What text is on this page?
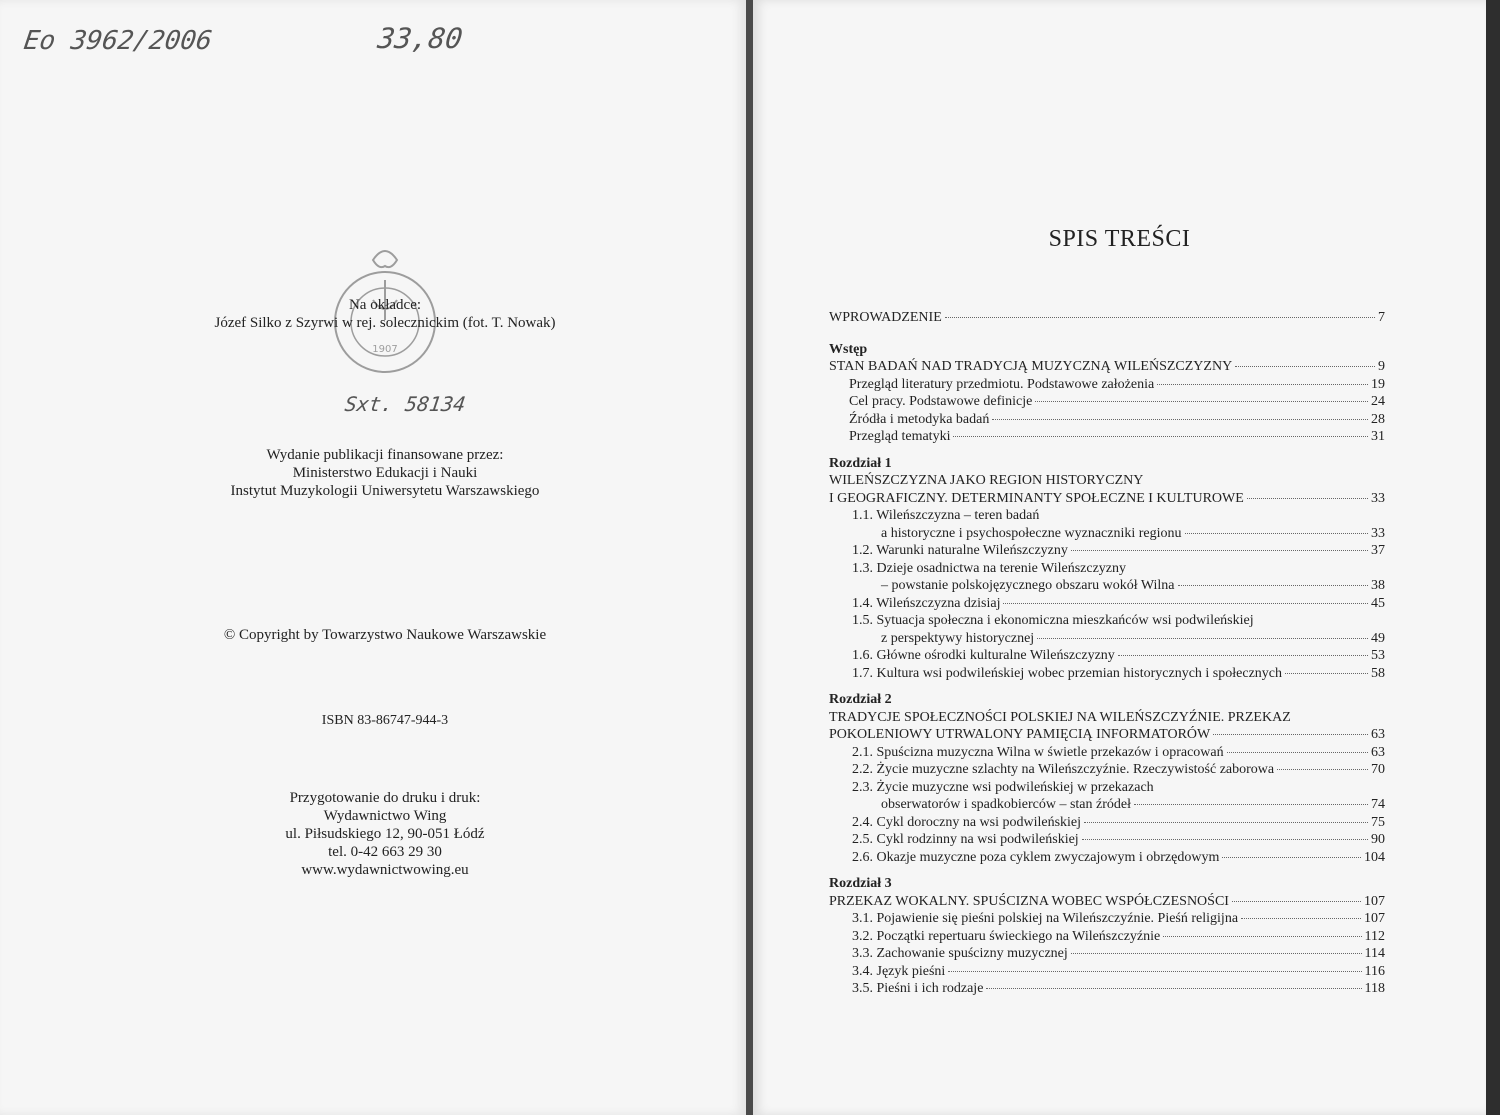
Eo 3962/2006	33,80
1907
Na okładce:
Józef Silko z Szyrwi w rej. solecznickim (fot. T. Nowak)
Sxt. 58134
Wydanie publikacji finansowane przez:
Ministerstwo Edukacji i Nauki
Instytut Muzykologii Uniwersytetu Warszawskiego
© Copyright by Towarzystwo Naukowe Warszawskie
ISBN 83-86747-944-3
Przygotowanie do druku i druk:
Wydawnictwo Wing
ul. Piłsudskiego 12, 90-051 Łódź
tel. 0-42 663 29 30
www.wydawnictwowing.eu
SPIS TREŚCI
WPROWADZENIE	7
Wstęp
STAN BADAŃ NAD TRADYCJĄ MUZYCZNĄ WILEŃSZCZYZNY	9
Przegląd literatury przedmiotu. Podstawowe założenia	19
Cel pracy. Podstawowe definicje	24
Źródła i metodyka badań	28
Przegląd tematyki	31
Rozdział 1
WILEŃSZCZYZNA JAKO REGION HISTORYCZNY
I GEOGRAFICZNY. DETERMINANTY SPOŁECZNE I KULTUROWE	33
1.1. Wileńszczyzna – teren badań
a historyczne i psychospołeczne wyznaczniki regionu	33
1.2. Warunki naturalne Wileńszczyzny	37
1.3. Dzieje osadnictwa na terenie Wileńszczyzny
– powstanie polskojęzycznego obszaru wokół Wilna	38
1.4. Wileńszczyzna dzisiaj	45
1.5. Sytuacja społeczna i ekonomiczna mieszkańców wsi podwileńskiej
z perspektywy historycznej	49
1.6. Główne ośrodki kulturalne Wileńszczyzny	53
1.7. Kultura wsi podwileńskiej wobec przemian historycznych i społecznych	58
Rozdział 2
TRADYCJE SPOŁECZNOŚCI POLSKIEJ NA WILEŃSZCZYŹNIE. PRZEKAZ
POKOLENIOWY UTRWALONY PAMIĘCIĄ INFORMATORÓW	63
2.1. Spuścizna muzyczna Wilna w świetle przekazów i opracowań	63
2.2. Życie muzyczne szlachty na Wileńszczyźnie. Rzeczywistość zaborowa	70
2.3. Życie muzyczne wsi podwileńskiej w przekazach
obserwatorów i spadkobierców – stan źródeł	74
2.4. Cykl doroczny na wsi podwileńskiej	75
2.5. Cykl rodzinny na wsi podwileńskiej	90
2.6. Okazje muzyczne poza cyklem zwyczajowym i obrzędowym	104
Rozdział 3
PRZEKAZ WOKALNY. SPUŚCIZNA WOBEC WSPÓŁCZESNOŚCI	107
3.1. Pojawienie się pieśni polskiej na Wileńszczyźnie. Pieśń religijna	107
3.2. Początki repertuaru świeckiego na Wileńszczyźnie	112
3.3. Zachowanie spuścizny muzycznej	114
3.4. Język pieśni	116
3.5. Pieśni i ich rodzaje	118
